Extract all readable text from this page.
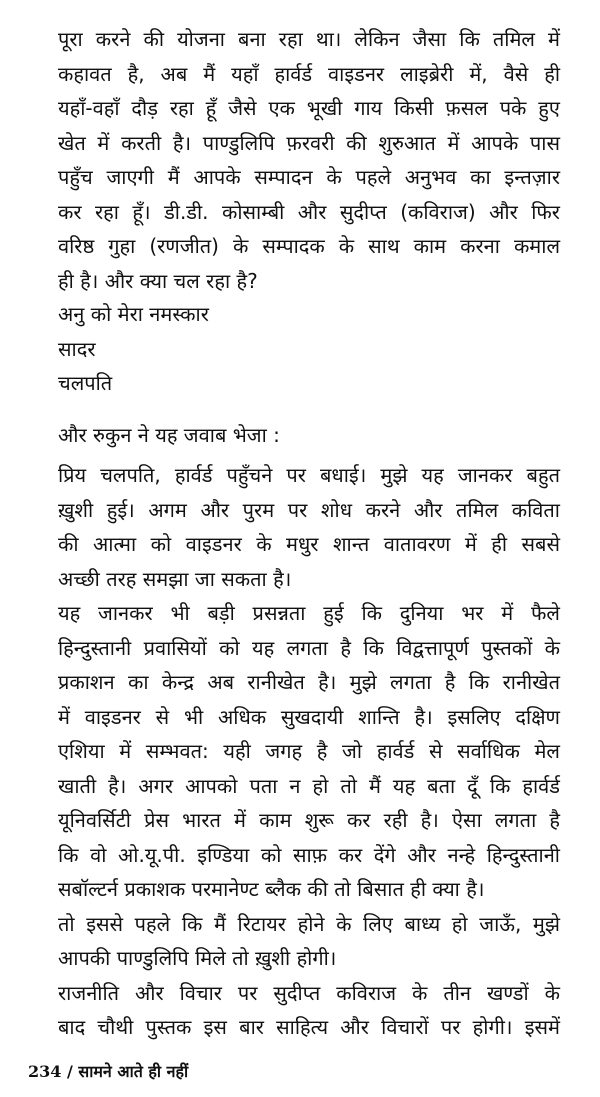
पूरा करने की योजना बना रहा था। लेकिन जैसा कि तमिल में
कहावत है, अब मैं यहाँ हार्वर्ड वाइडनर लाइब्रेरी में, वैसे ही
यहाँ-वहाँ दौड़ रहा हूँ जैसे एक भूखी गाय किसी फ़सल पके हुए
खेत में करती है। पाण्डुलिपि फ़रवरी की शुरुआत में आपके पास
पहुँच जाएगी मैं आपके सम्पादन के पहले अनुभव का इन्तज़ार
कर रहा हूँ। डी.डी. कोसाम्बी और सुदीप्त (कविराज) और फिर
वरिष्ठ गुहा (रणजीत) के सम्पादक के साथ काम करना कमाल
ही है। और क्या चल रहा है?
अनु को मेरा नमस्कार
सादर
चलपति
और रुकुन ने यह जवाब भेजा :
प्रिय चलपति, हार्वर्ड पहुँचने पर बधाई। मुझे यह जानकर बहुत
ख़ुशी हुई। अगम और पुरम पर शोध करने और तमिल कविता
की आत्मा को वाइडनर के मधुर शान्त वातावरण में ही सबसे
अच्छी तरह समझा जा सकता है।
यह जानकर भी बड़ी प्रसन्नता हुई कि दुनिया भर में फैले
हिन्दुस्तानी प्रवासियों को यह लगता है कि विद्वत्तापूर्ण पुस्तकों के
प्रकाशन का केन्द्र अब रानीखेत है। मुझे लगता है कि रानीखेत
में वाइडनर से भी अधिक सुखदायी शान्ति है। इसलिए दक्षिण
एशिया में सम्भवत: यही जगह है जो हार्वर्ड से सर्वाधिक मेल
खाती है। अगर आपको पता न हो तो मैं यह बता दूँ कि हार्वर्ड
यूनिवर्सिटी प्रेस भारत में काम शुरू कर रही है। ऐसा लगता है
कि वो ओ.यू.पी. इण्डिया को साफ़ कर देंगे और नन्हे हिन्दुस्तानी
सबॉल्टर्न प्रकाशक परमानेण्ट ब्लैक की तो बिसात ही क्या है।
तो इससे पहले कि मैं रिटायर होने के लिए बाध्य हो जाऊँ, मुझे
आपकी पाण्डुलिपि मिले तो ख़ुशी होगी।
राजनीति और विचार पर सुदीप्त कविराज के तीन खण्डों के
बाद चौथी पुस्तक इस बार साहित्य और विचारों पर होगी। इसमें
234 / सामने आते ही नहीं
